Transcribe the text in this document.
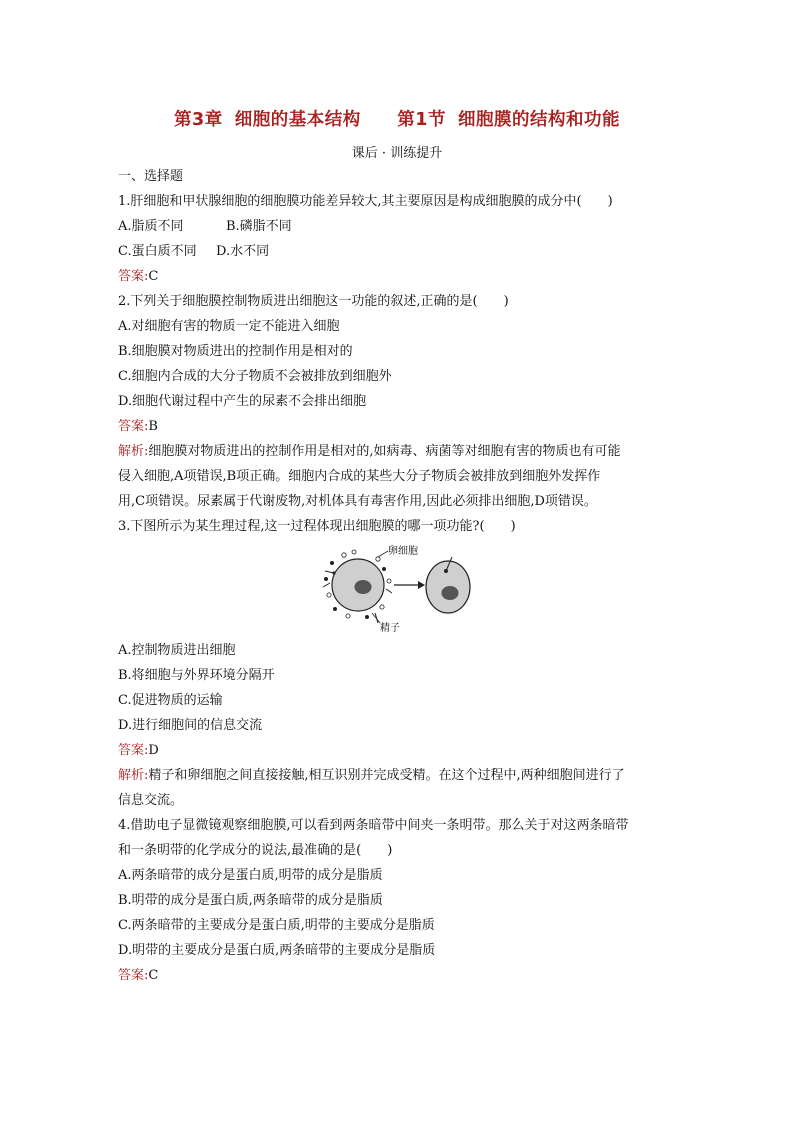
第3章 细胞的基本结构 第1节 细胞膜的结构和功能
课后 · 训练提升
一、选择题
1.肝细胞和甲状腺细胞的细胞膜功能差异较大,其主要原因是构成细胞膜的成分中(　　)
A.脂质不同	B.磷脂不同
C.蛋白质不同 D.水不同
答案:C
2.下列关于细胞膜控制物质进出细胞这一功能的叙述,正确的是(　　)
A.对细胞有害的物质一定不能进入细胞
B.细胞膜对物质进出的控制作用是相对的
C.细胞内合成的大分子物质不会被排放到细胞外
D.细胞代谢过程中产生的尿素不会排出细胞
答案:B
解析:细胞膜对物质进出的控制作用是相对的,如病毒、病菌等对细胞有害的物质也有可能
侵入细胞,A项错误,B项正确。细胞内合成的某些大分子物质会被排放到细胞外发挥作
用,C项错误。尿素属于代谢废物,对机体具有毒害作用,因此必须排出细胞,D项错误。
3.下图所示为某生理过程,这一过程体现出细胞膜的哪一项功能?(　　)
卵细胞
精子
A.控制物质进出细胞
B.将细胞与外界环境分隔开
C.促进物质的运输
D.进行细胞间的信息交流
答案:D
解析:精子和卵细胞之间直接接触,相互识别并完成受精。在这个过程中,两种细胞间进行了
信息交流。
4.借助电子显微镜观察细胞膜,可以看到两条暗带中间夹一条明带。那么关于对这两条暗带
和一条明带的化学成分的说法,最准确的是(　　)
A.两条暗带的成分是蛋白质,明带的成分是脂质
B.明带的成分是蛋白质,两条暗带的成分是脂质
C.两条暗带的主要成分是蛋白质,明带的主要成分是脂质
D.明带的主要成分是蛋白质,两条暗带的主要成分是脂质
答案:C
